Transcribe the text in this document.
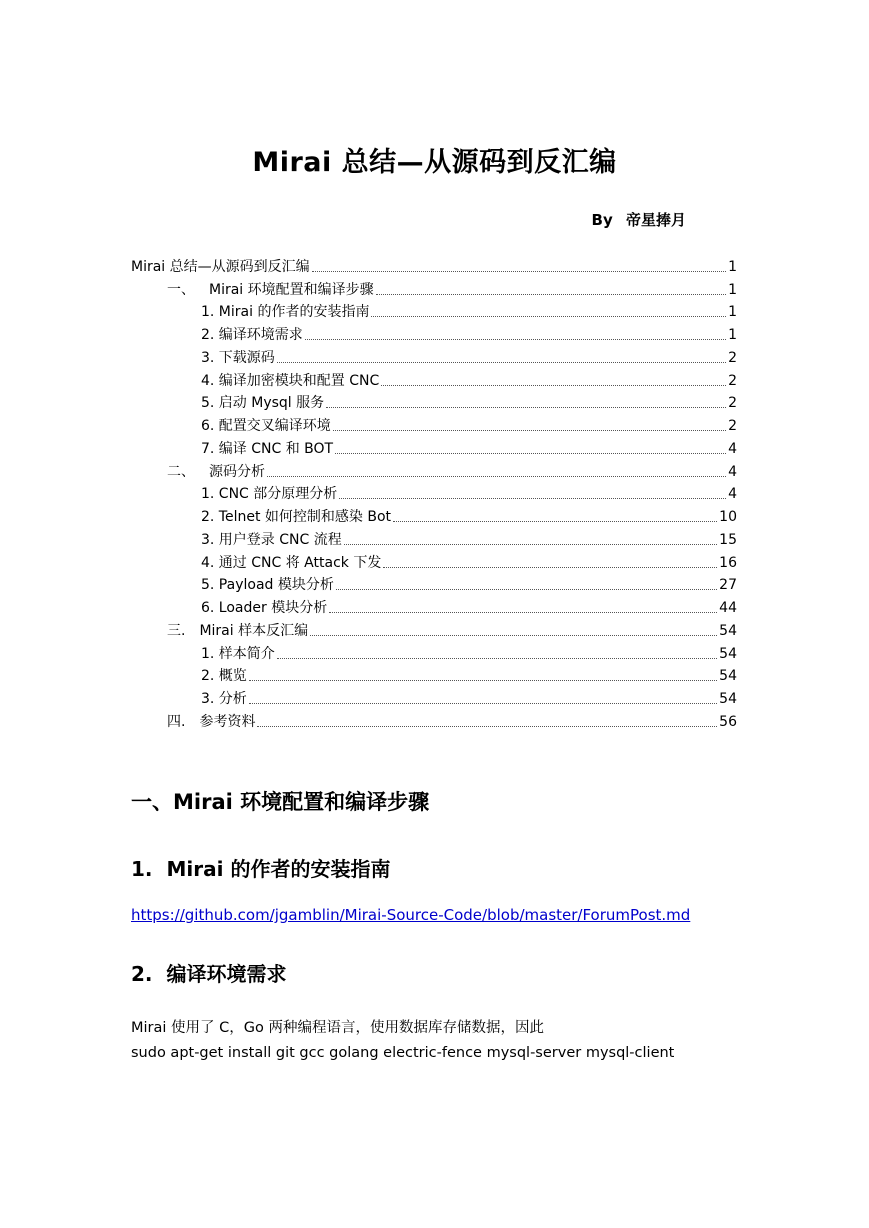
Mirai 总结—从源码到反汇编
By 帝星捧月
Mirai 总结—从源码到反汇编	1
一、 Mirai 环境配置和编译步骤	1
1. Mirai 的作者的安装指南	1
2. 编译环境需求	1
3. 下载源码	2
4. 编译加密模块和配置 CNC	2
5. 启动 Mysql 服务	2
6. 配置交叉编译环境	2
7. 编译 CNC 和 BOT	4
二、 源码分析	4
1. CNC 部分原理分析	4
2. Telnet 如何控制和感染 Bot	10
3. 用户登录 CNC 流程	15
4. 通过 CNC 将 Attack 下发	16
5. Payload 模块分析	27
6. Loader 模块分析	44
三. Mirai 样本反汇编	54
1. 样本简介	54
2. 概览	54
3. 分析	54
四. 参考资料	56
一、Mirai 环境配置和编译步骤
1. Mirai 的作者的安装指南
https://github.com/jgamblin/Mirai-Source-Code/blob/master/ForumPost.md
2. 编译环境需求
Mirai 使用了 C，Go 两种编程语言，使用数据库存储数据，因此
sudo apt-get install git gcc golang electric-fence mysql-server mysql-client
